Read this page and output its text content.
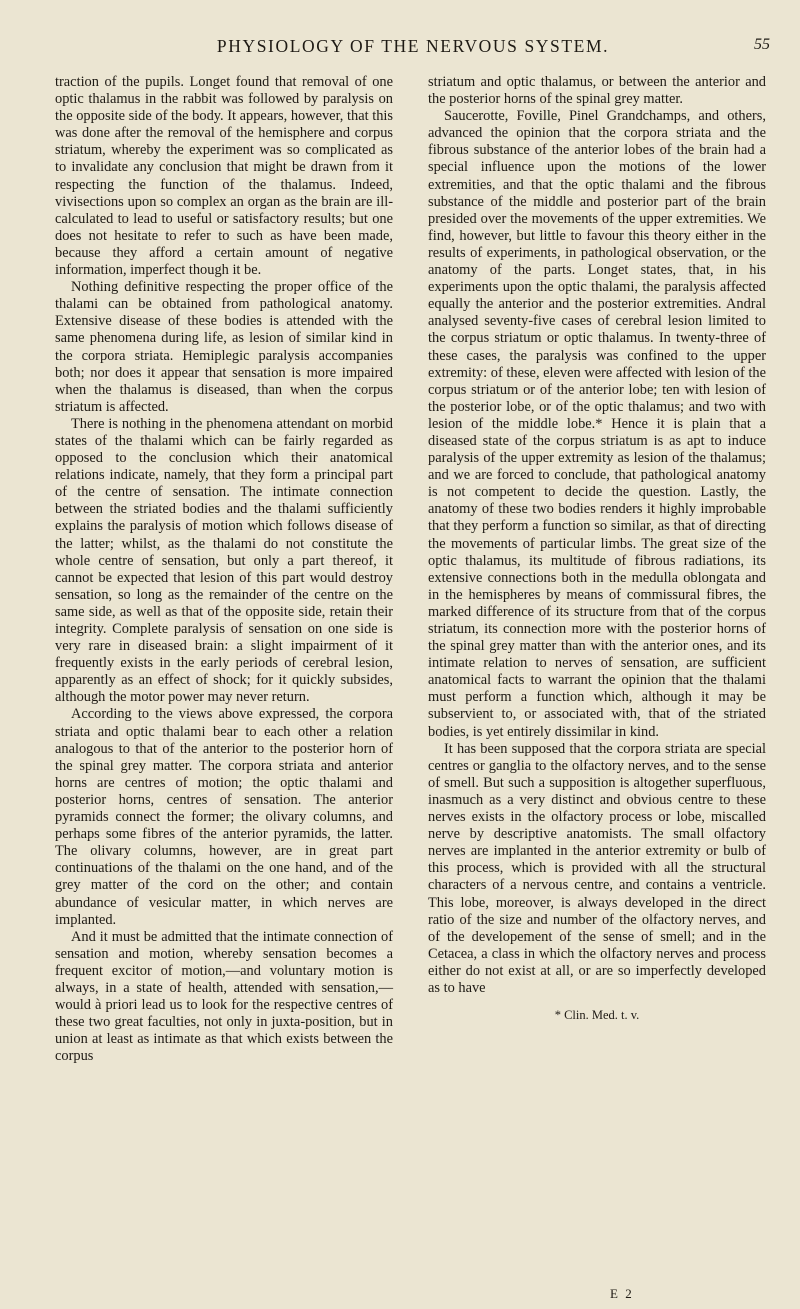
PHYSIOLOGY OF THE NERVOUS SYSTEM.	55

traction of the pupils. Longet found that removal of one optic thalamus in the rabbit was followed by paralysis on the opposite side of the body. It appears, however, that this was done after the removal of the hemisphere and corpus striatum, whereby the experiment was so complicated as to invalidate any conclusion that might be drawn from it respecting the function of the thalamus. Indeed, vivisections upon so complex an organ as the brain are ill-calculated to lead to useful or satisfactory results; but one does not hesitate to refer to such as have been made, because they afford a certain amount of negative information, imperfect though it be.

Nothing definitive respecting the proper office of the thalami can be obtained from pathological anatomy. Extensive disease of these bodies is attended with the same phenomena during life, as lesion of similar kind in the corpora striata. Hemiplegic paralysis accompanies both; nor does it appear that sensation is more impaired when the thalamus is diseased, than when the corpus striatum is affected.

There is nothing in the phenomena attendant on morbid states of the thalami which can be fairly regarded as opposed to the conclusion which their anatomical relations indicate, namely, that they form a principal part of the centre of sensation. The intimate connection between the striated bodies and the thalami sufficiently explains the paralysis of motion which follows disease of the latter; whilst, as the thalami do not constitute the whole centre of sensation, but only a part thereof, it cannot be expected that lesion of this part would destroy sensation, so long as the remainder of the centre on the same side, as well as that of the opposite side, retain their integrity. Complete paralysis of sensation on one side is very rare in diseased brain: a slight impairment of it frequently exists in the early periods of cerebral lesion, apparently as an effect of shock; for it quickly subsides, although the motor power may never return.

According to the views above expressed, the corpora striata and optic thalami bear to each other a relation analogous to that of the anterior to the posterior horn of the spinal grey matter. The corpora striata and anterior horns are centres of motion; the optic thalami and posterior horns, centres of sensation. The anterior pyramids connect the former; the olivary columns, and perhaps some fibres of the anterior pyramids, the latter. The olivary columns, however, are in great part continuations of the thalami on the one hand, and of the grey matter of the cord on the other; and contain abundance of vesicular matter, in which nerves are implanted.

And it must be admitted that the intimate connection of sensation and motion, whereby sensation becomes a frequent excitor of motion,—and voluntary motion is always, in a state of health, attended with sensation,—would à priori lead us to look for the respective centres of these two great faculties, not only in juxta-position, but in union at least as intimate as that which exists between the corpus

striatum and optic thalamus, or between the anterior and the posterior horns of the spinal grey matter.

Saucerotte, Foville, Pinel Grandchamps, and others, advanced the opinion that the corpora striata and the fibrous substance of the anterior lobes of the brain had a special influence upon the motions of the lower extremities, and that the optic thalami and the fibrous substance of the middle and posterior part of the brain presided over the movements of the upper extremities. We find, however, but little to favour this theory either in the results of experiments, in pathological observation, or the anatomy of the parts. Longet states, that, in his experiments upon the optic thalami, the paralysis affected equally the anterior and the posterior extremities. Andral analysed seventy-five cases of cerebral lesion limited to the corpus striatum or optic thalamus. In twenty-three of these cases, the paralysis was confined to the upper extremity: of these, eleven were affected with lesion of the corpus striatum or of the anterior lobe; ten with lesion of the posterior lobe, or of the optic thalamus; and two with lesion of the middle lobe.* Hence it is plain that a diseased state of the corpus striatum is as apt to induce paralysis of the upper extremity as lesion of the thalamus; and we are forced to conclude, that pathological anatomy is not competent to decide the question. Lastly, the anatomy of these two bodies renders it highly improbable that they perform a function so similar, as that of directing the movements of particular limbs. The great size of the optic thalamus, its multitude of fibrous radiations, its extensive connections both in the medulla oblongata and in the hemispheres by means of commissural fibres, the marked difference of its structure from that of the corpus striatum, its connection more with the posterior horns of the spinal grey matter than with the anterior ones, and its intimate relation to nerves of sensation, are sufficient anatomical facts to warrant the opinion that the thalami must perform a function which, although it may be subservient to, or associated with, that of the striated bodies, is yet entirely dissimilar in kind.

It has been supposed that the corpora striata are special centres or ganglia to the olfactory nerves, and to the sense of smell. But such a supposition is altogether superfluous, inasmuch as a very distinct and obvious centre to these nerves exists in the olfactory process or lobe, miscalled nerve by descriptive anatomists. The small olfactory nerves are implanted in the anterior extremity or bulb of this process, which is provided with all the structural characters of a nervous centre, and contains a ventricle. This lobe, moreover, is always developed in the direct ratio of the size and number of the olfactory nerves, and of the developement of the sense of smell; and in the Cetacea, a class in which the olfactory nerves and process either do not exist at all, or are so imperfectly developed as to have

* Clin. Med. t. v.
E 2
